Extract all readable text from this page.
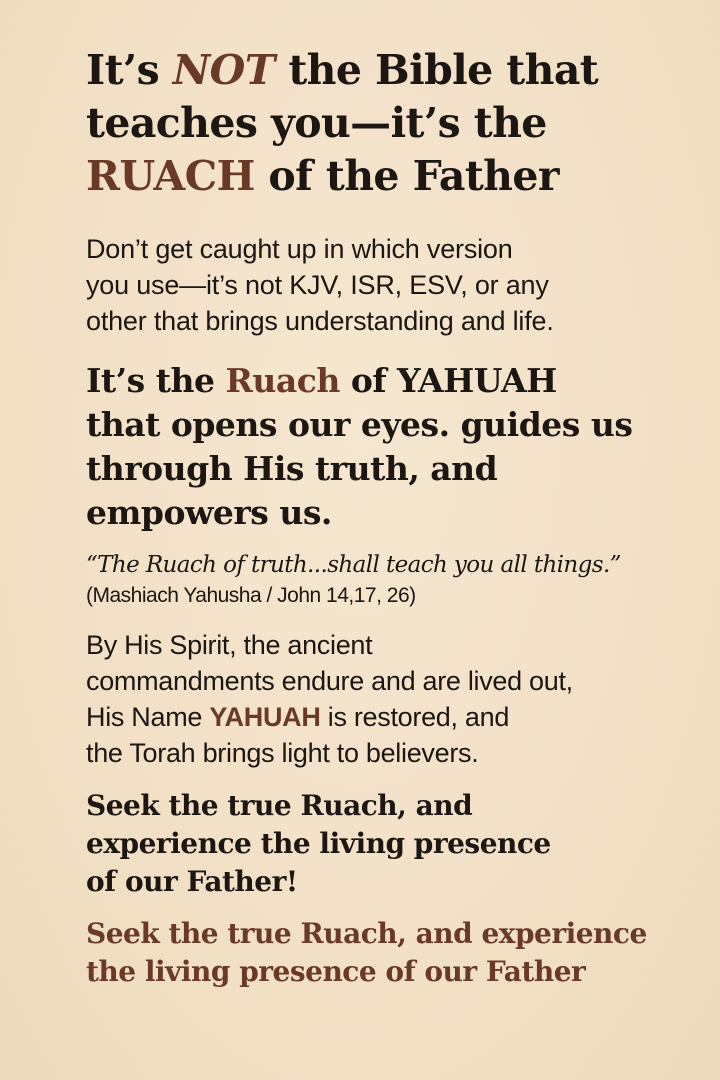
It’s NOT the Bible that
teaches you—it’s the
RUACH of the Father

Don’t get caught up in which version
you use—it’s not KJV, ISR, ESV, or any
other that brings understanding and life.

It’s the Ruach of YAHUAH
that opens our eyes. guides us
through His truth, and
empowers us.

“The Ruach of truth...shall teach you all things.”

(Mashiach Yahusha / John 14,17, 26)

By His Spirit, the ancient
commandments endure and are lived out,
His Name YAHUAH is restored, and
the Torah brings light to believers.

Seek the true Ruach, and
experience the living presence
of our Father!

Seek the true Ruach, and experience
the living presence of our Father
